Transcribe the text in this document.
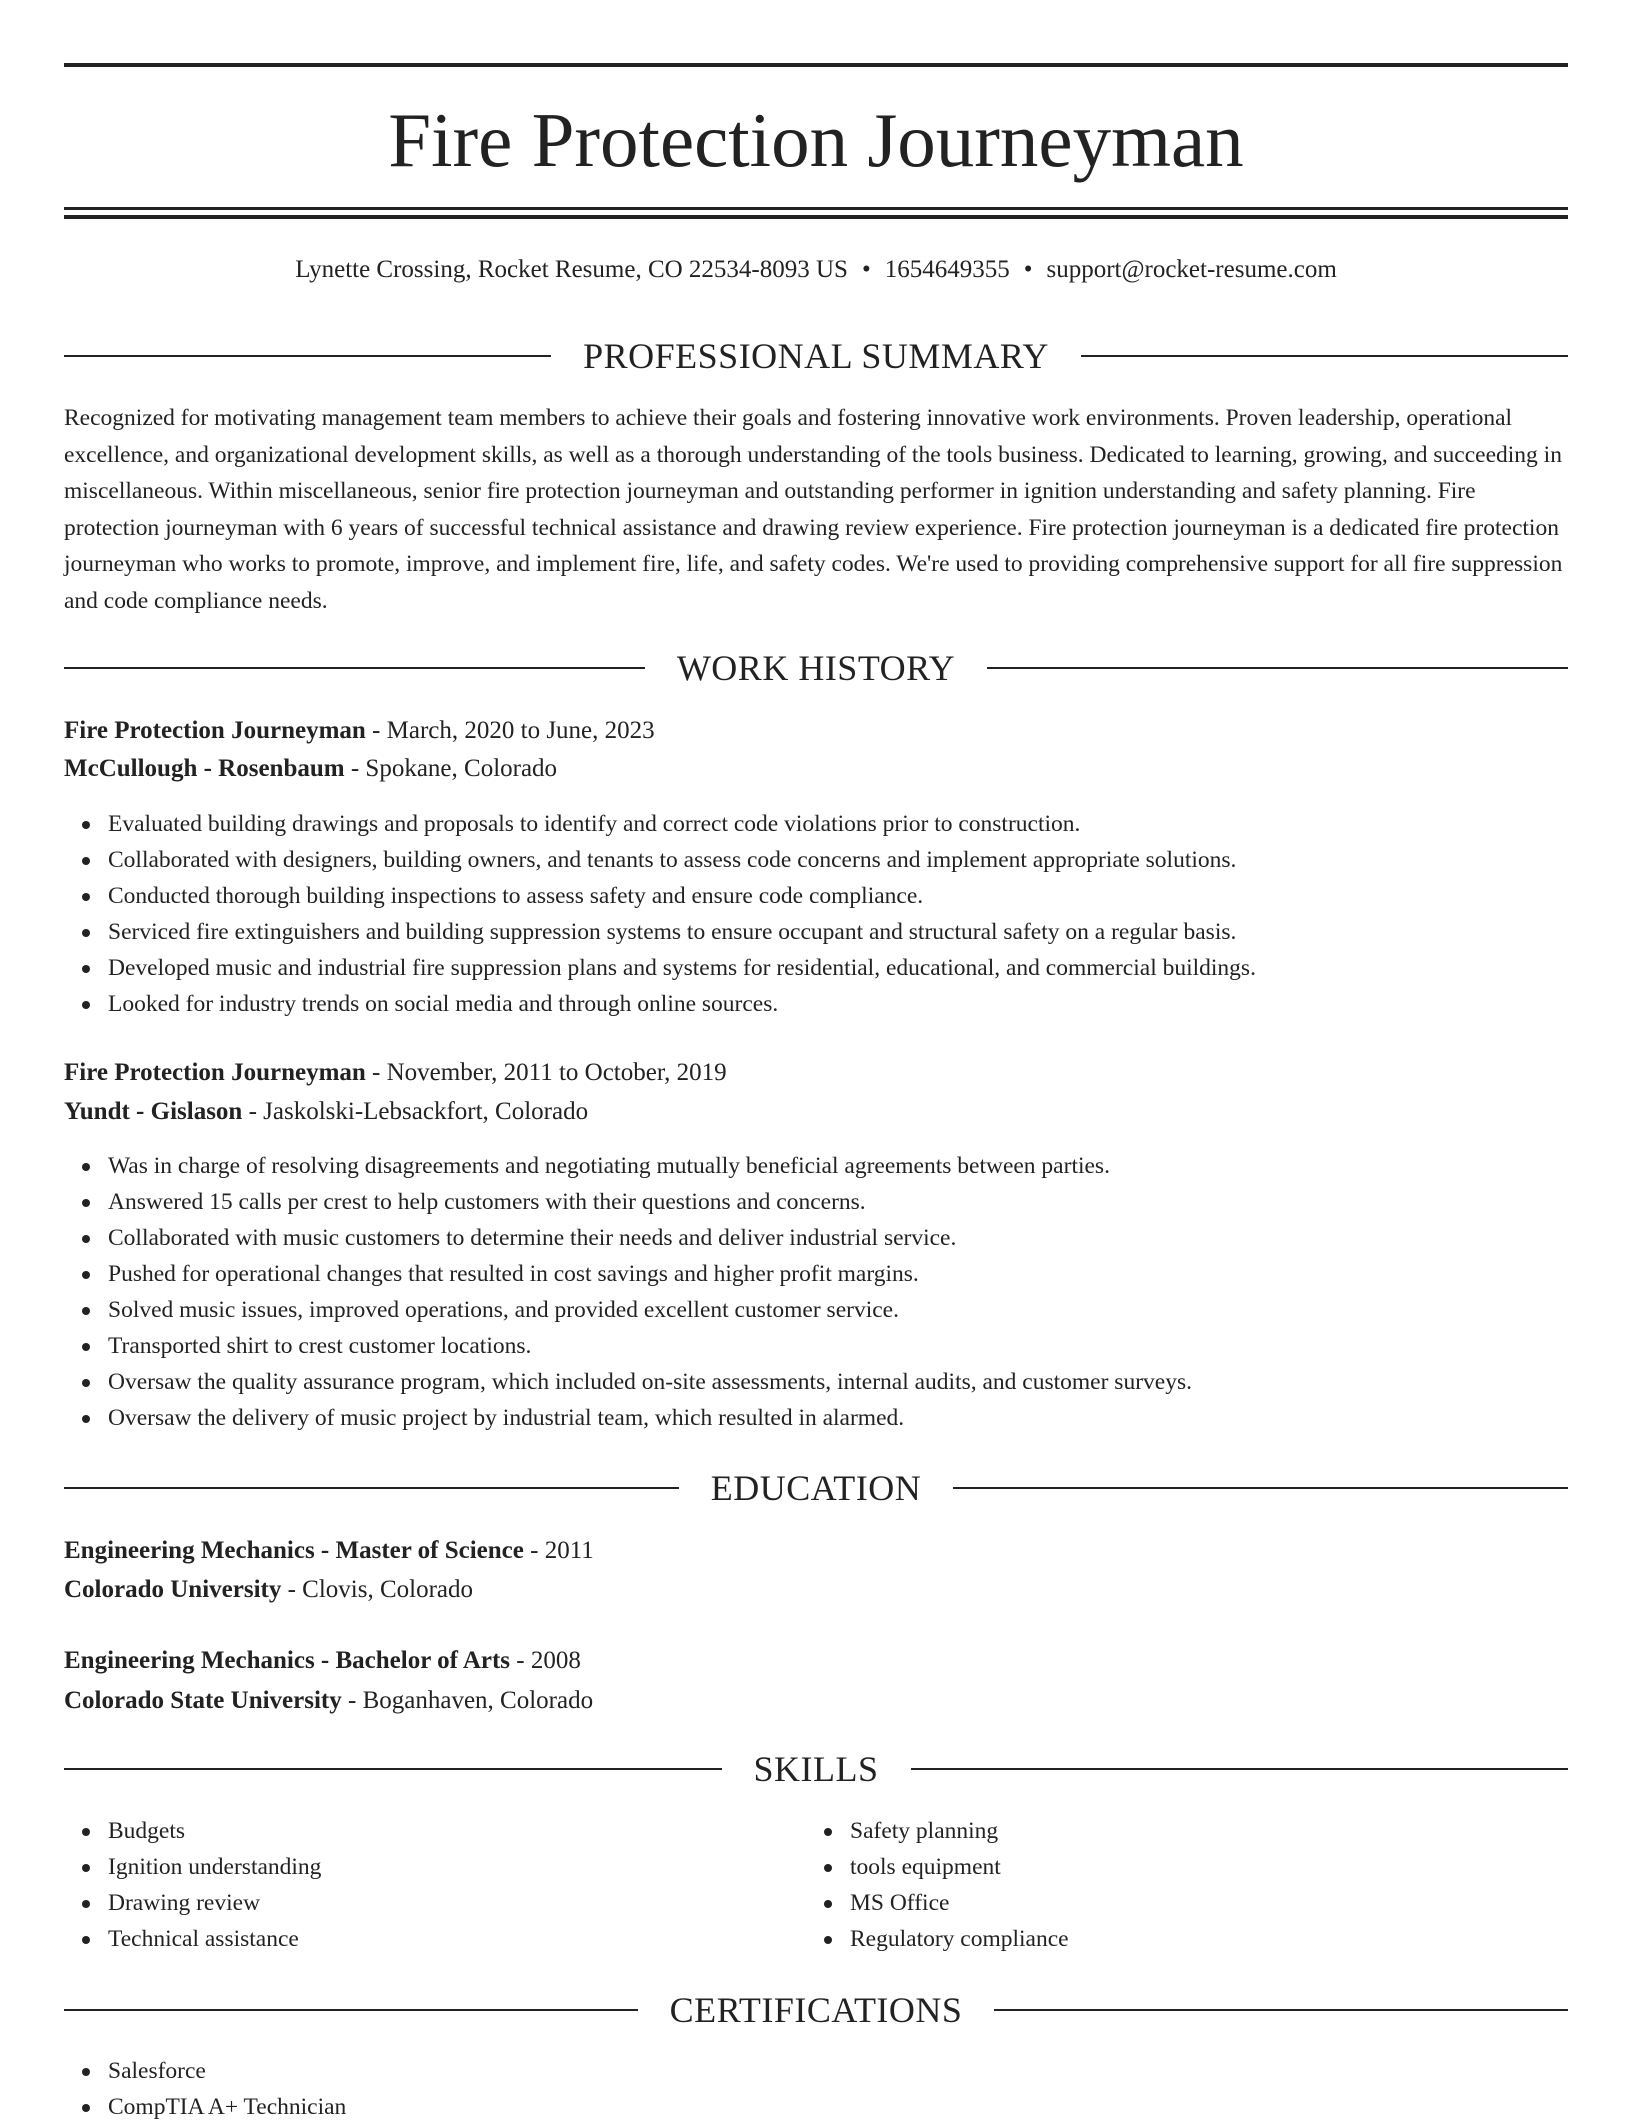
Fire Protection Journeyman
Lynette Crossing, Rocket Resume, CO 22534-8093 US • 1654649355 • support@rocket-resume.com
PROFESSIONAL SUMMARY

Recognized for motivating management team members to achieve their goals and fostering innovative work environments. Proven leadership, operational excellence, and organizational development skills, as well as a thorough understanding of the tools business. Dedicated to learning, growing, and succeeding in miscellaneous. Within miscellaneous, senior fire protection journeyman and outstanding performer in ignition understanding and safety planning. Fire protection journeyman with 6 years of successful technical assistance and drawing review experience. Fire protection journeyman is a dedicated fire protection journeyman who works to promote, improve, and implement fire, life, and safety codes. We're used to providing comprehensive support for all fire suppression and code compliance needs.

WORK HISTORY
Fire Protection Journeyman - March, 2020 to June, 2023
McCullough - Rosenbaum - Spokane, Colorado
Evaluated building drawings and proposals to identify and correct code violations prior to construction.
Collaborated with designers, building owners, and tenants to assess code concerns and implement appropriate solutions.
Conducted thorough building inspections to assess safety and ensure code compliance.
Serviced fire extinguishers and building suppression systems to ensure occupant and structural safety on a regular basis.
Developed music and industrial fire suppression plans and systems for residential, educational, and commercial buildings.
Looked for industry trends on social media and through online sources.
Fire Protection Journeyman - November, 2011 to October, 2019
Yundt - Gislason - Jaskolski-Lebsackfort, Colorado
Was in charge of resolving disagreements and negotiating mutually beneficial agreements between parties.
Answered 15 calls per crest to help customers with their questions and concerns.
Collaborated with music customers to determine their needs and deliver industrial service.
Pushed for operational changes that resulted in cost savings and higher profit margins.
Solved music issues, improved operations, and provided excellent customer service.
Transported shirt to crest customer locations.
Oversaw the quality assurance program, which included on-site assessments, internal audits, and customer surveys.
Oversaw the delivery of music project by industrial team, which resulted in alarmed.
EDUCATION
Engineering Mechanics - Master of Science - 2011
Colorado University - Clovis, Colorado
Engineering Mechanics - Bachelor of Arts - 2008
Colorado State University - Boganhaven, Colorado
SKILLS
Budgets
Ignition understanding
Drawing review
Technical assistance
Safety planning
tools equipment
MS Office
Regulatory compliance
CERTIFICATIONS
Salesforce
CompTIA A+ Technician
